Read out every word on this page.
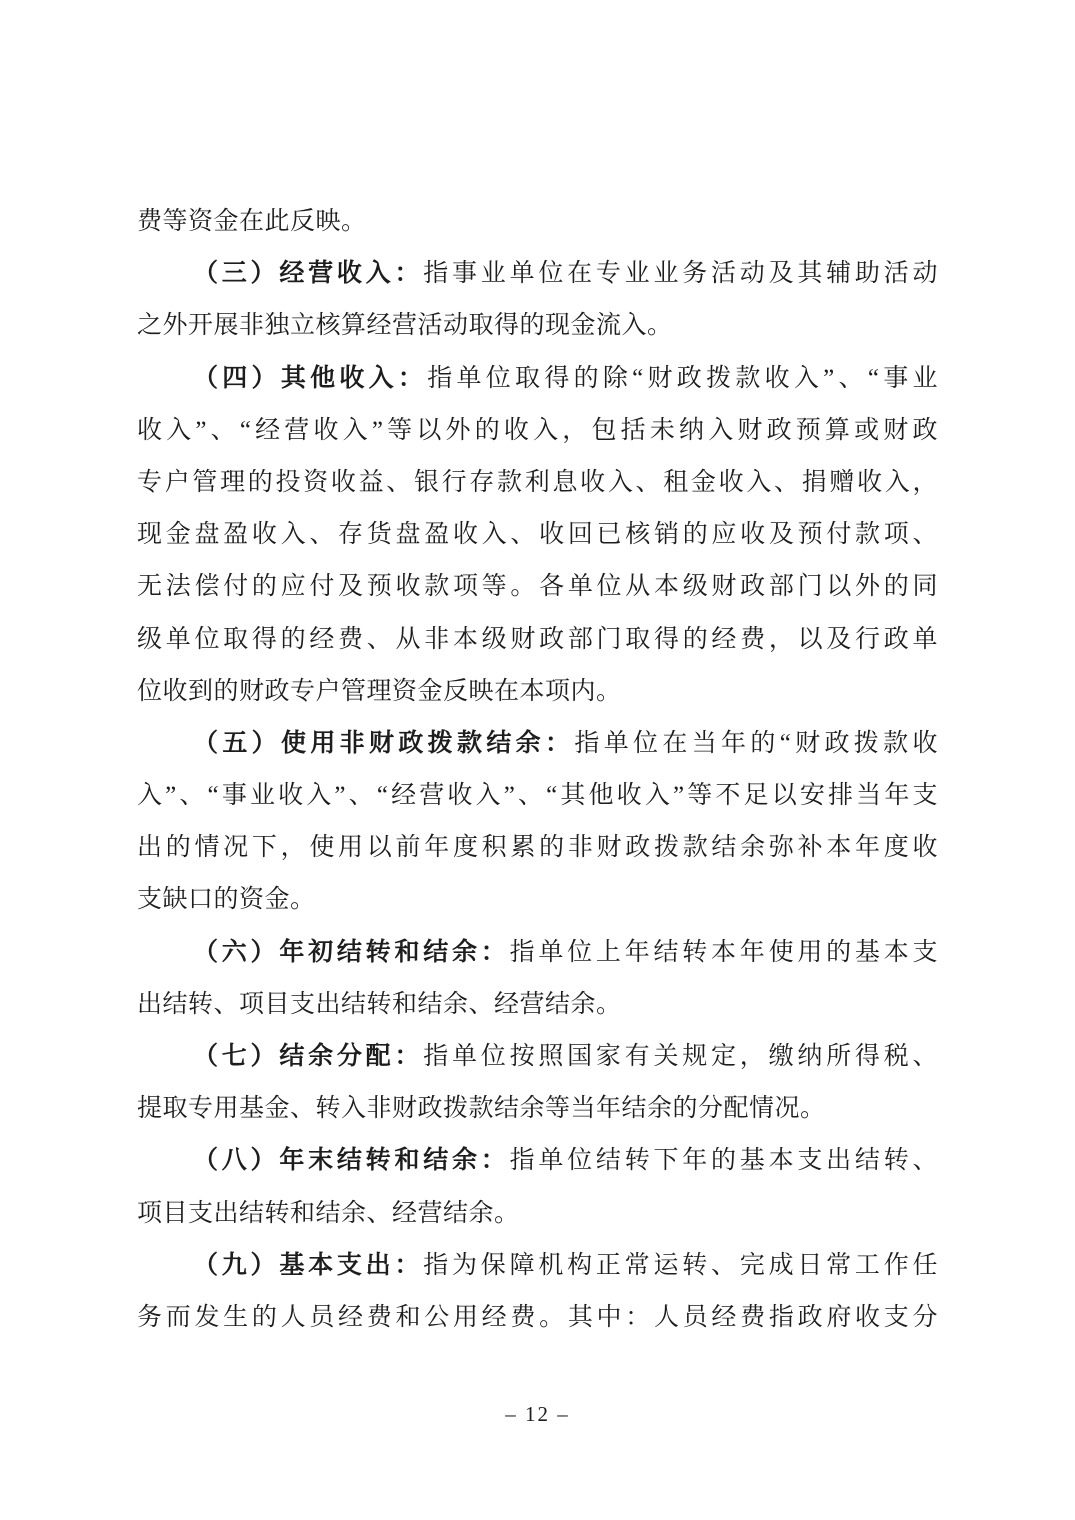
费等资金在此反映。
（三）经营收入：指事业单位在专业业务活动及其辅助活动
之外开展非独立核算经营活动取得的现金流入。
（四）其他收入：指单位取得的除“财政拨款收入”、“事业
收入”、“经营收入”等以外的收入，包括未纳入财政预算或财政
专户管理的投资收益、银行存款利息收入、租金收入、捐赠收入，
现金盘盈收入、存货盘盈收入、收回已核销的应收及预付款项、
无法偿付的应付及预收款项等。各单位从本级财政部门以外的同
级单位取得的经费、从非本级财政部门取得的经费，以及行政单
位收到的财政专户管理资金反映在本项内。
（五）使用非财政拨款结余：指单位在当年的“财政拨款收
入”、“事业收入”、“经营收入”、“其他收入”等不足以安排当年支
出的情况下，使用以前年度积累的非财政拨款结余弥补本年度收
支缺口的资金。
（六）年初结转和结余：指单位上年结转本年使用的基本支
出结转、项目支出结转和结余、经营结余。
（七）结余分配：指单位按照国家有关规定，缴纳所得税、
提取专用基金、转入非财政拨款结余等当年结余的分配情况。
（八）年末结转和结余：指单位结转下年的基本支出结转、
项目支出结转和结余、经营结余。
（九）基本支出：指为保障机构正常运转、完成日常工作任
务而发生的人员经费和公用经费。其中：人员经费指政府收支分
– 12 –
